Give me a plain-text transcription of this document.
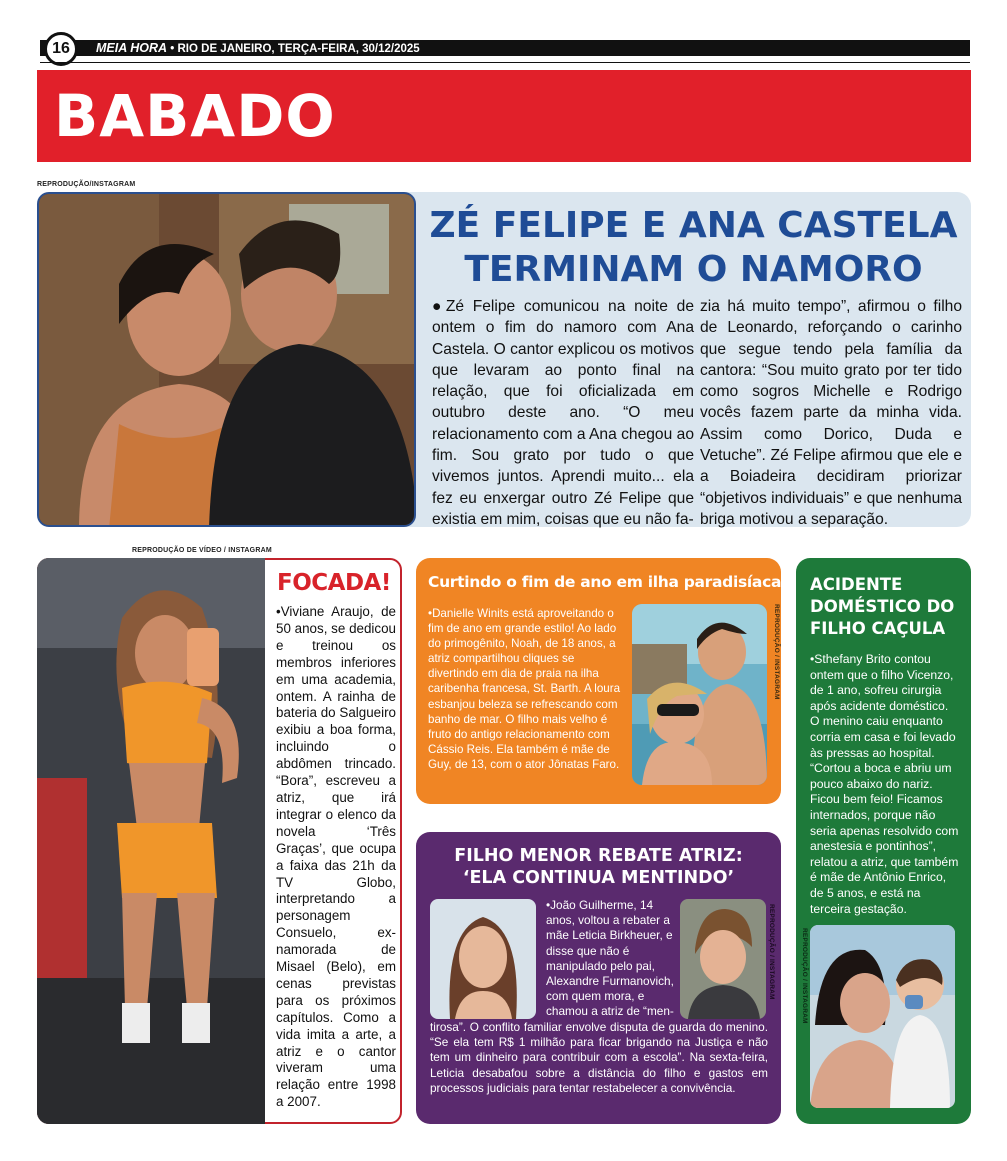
16	MEIA HORA • RIO DE JANEIRO, TERÇA-FEIRA, 30/12/2025
BABADO
REPRODUÇÃO/INSTAGRAM
ZÉ FELIPE E ANA CASTELA
TERMINAM O NAMORO
●Zé Felipe comunicou na noite de ontem o fim do namoro com Ana Castela. O cantor explicou os motivos que levaram ao ponto final na relação, que foi oficializada em outubro deste ano. “O meu relacionamento com a Ana chegou ao fim. Sou grato por tudo o que vivemos juntos. Aprendi muito... ela fez eu enxergar outro Zé Felipe que existia em mim, coisas que eu não fa-
zia há muito tempo”, afirmou o filho de Leonardo, reforçando o carinho que segue tendo pela família da cantora: “Sou muito grato por ter tido como sogros Michelle e Rodrigo vocês fazem parte da minha vida. Assim como Dorico, Duda e Vetuche”. Zé Felipe afirmou que ele e a Boiadeira decidiram priorizar “objetivos individuais” e que nenhuma briga motivou a separação.
REPRODUÇÃO DE VÍDEO / INSTAGRAM
FOCADA!
•Viviane Araujo, de 50 anos, se dedicou e treinou os membros inferiores em uma academia, ontem. A rainha de bateria do Salgueiro exibiu a boa forma, incluindo o abdômen trincado. “Bora”, escreveu a atriz, que irá integrar o elenco da novela ‘Três Graças’, que ocupa a faixa das 21h da TV Globo, interpretando a personagem Consuelo, ex-namorada de Misael (Belo), em cenas previstas para os próximos capítulos. Como a vida imita a arte, a atriz e o cantor viveram uma relação entre 1998 a 2007.
Curtindo o fim de ano em ilha paradisíaca
•Danielle Winits está aproveitando o fim de ano em grande estilo! Ao lado do primogênito, Noah, de 18 anos, a atriz compartilhou cliques se divertindo em dia de praia na ilha caribenha francesa, St. Barth. A loura esbanjou beleza se refrescando com banho de mar. O filho mais velho é fruto do antigo relacionamento com Cássio Reis. Ela também é mãe de Guy, de 13, com o ator Jônatas Faro.
REPRODUÇÃO / INSTAGRAM
FILHO MENOR REBATE ATRIZ:
‘ELA CONTINUA MENTINDO’
REPRODUÇÃO / INSTAGRAM
•João Guilherme, 14 anos, voltou a rebater a mãe Leticia Birkheuer, e disse que não é manipulado pelo pai, Alexandre Furmanovich, com quem mora, e chamou a atriz de “men-
tirosa”. O conflito familiar envolve disputa de guarda do menino. “Se ela tem R$ 1 milhão para ficar brigando na Justiça e não tem um dinheiro para contribuir com a escola”. Na sexta-feira, Leticia desabafou sobre a distância do filho e gastos em processos judiciais para tentar restabelecer a convivência.
ACIDENTE DOMÉSTICO DO FILHO CAÇULA
•Sthefany Brito contou ontem que o filho Vicenzo, de 1 ano, sofreu cirurgia após acidente doméstico. O menino caiu enquanto corria em casa e foi levado às pressas ao hospital. “Cortou a boca e abriu um pouco abaixo do nariz. Ficou bem feio! Ficamos internados, porque não seria apenas resolvido com anestesia e pontinhos”, relatou a atriz, que também é mãe de Antônio Enrico, de 5 anos, e está na terceira gestação.
REPRODUÇÃO / INSTAGRAM
